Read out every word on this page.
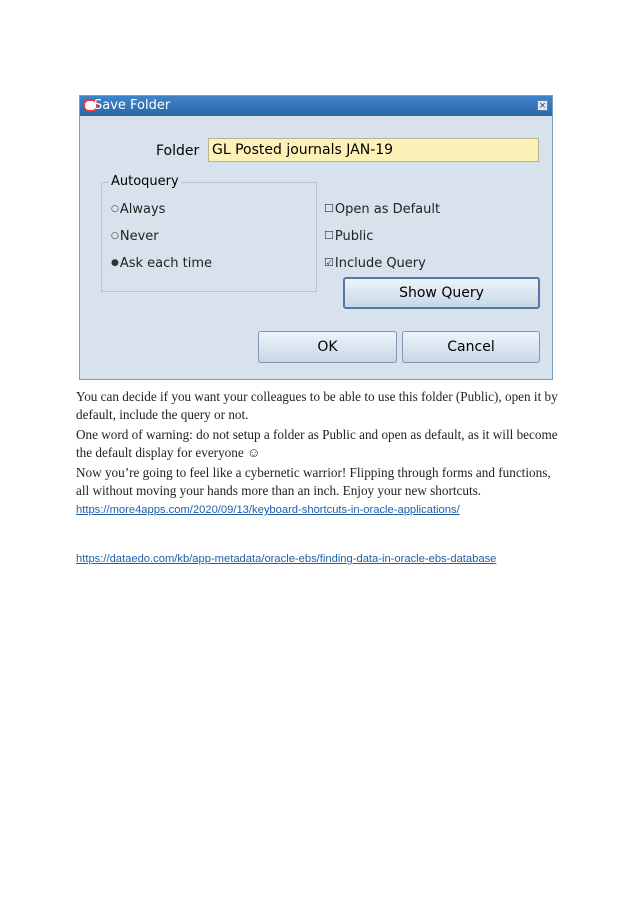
Save Folder	×
Folder
GL Posted journals JAN-19
Autoquery
○Always
○Never
●Ask each time
☐Open as Default
☐Public
☑Include Query
Show Query
OK	Cancel

You can decide if you want your colleagues to be able to use this folder (Public), open it by default, include the query or not.

One word of warning: do not setup a folder as Public and open as default, as it will become the default display for everyone ☺

Now you’re going to feel like a cybernetic warrior! Flipping through forms and functions, all without moving your hands more than an inch. Enjoy your new shortcuts.

https://more4apps.com/2020/09/13/keyboard-shortcuts-in-oracle-applications/
https://dataedo.com/kb/app-metadata/oracle-ebs/finding-data-in-oracle-ebs-database
